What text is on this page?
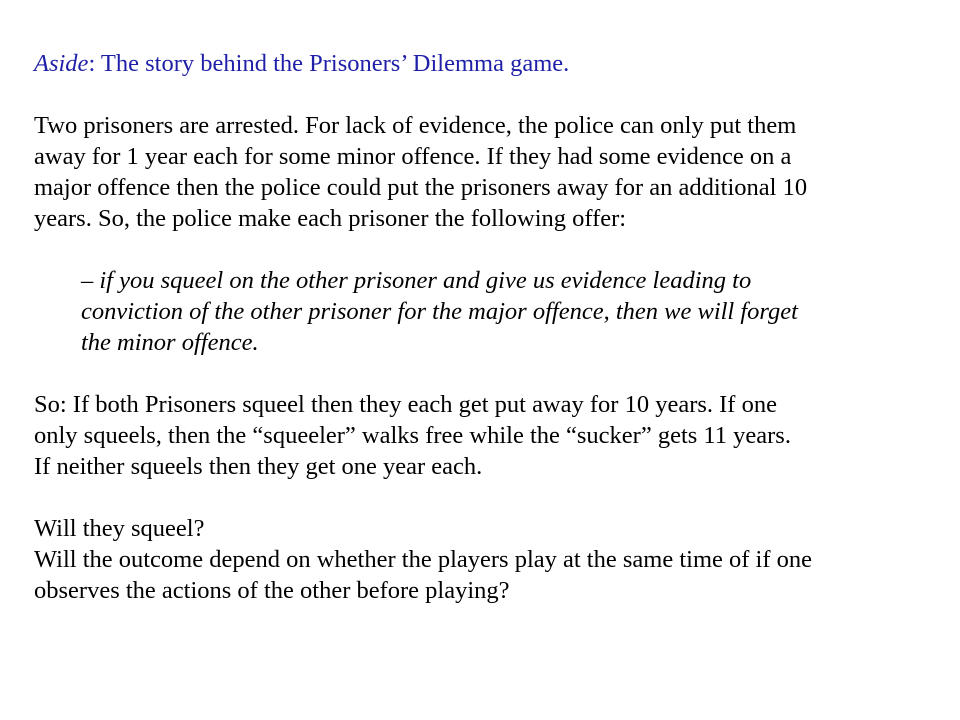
Aside: The story behind the Prisoners’ Dilemma game.
Two prisoners are arrested. For lack of evidence, the police can only put them
away for 1 year each for some minor offence. If they had some evidence on a
major offence then the police could put the prisoners away for an additional 10
years. So, the police make each prisoner the following offer:
– if you squeel on the other prisoner and give us evidence leading to
conviction of the other prisoner for the major offence, then we will forget
the minor offence.
So: If both Prisoners squeel then they each get put away for 10 years. If one
only squeels, then the “squeeler” walks free while the “sucker” gets 11 years.
If neither squeels then they get one year each.
Will they squeel?
Will the outcome depend on whether the players play at the same time of if one
observes the actions of the other before playing?
